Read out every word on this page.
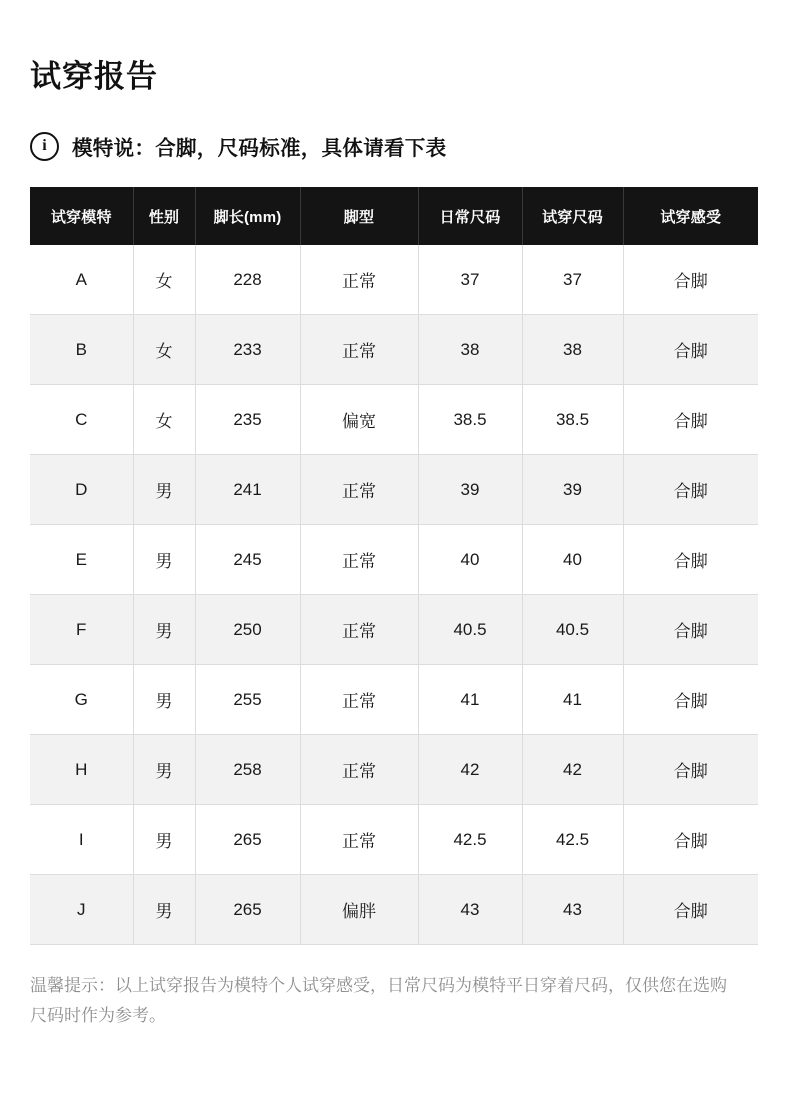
试穿报告
i	模特说：合脚，尺码标准，具体请看下表
试穿模特	性别	脚长(mm)	脚型	日常尺码	试穿尺码	试穿感受
A	女	228	正常	37	37	合脚
B	女	233	正常	38	38	合脚
C	女	235	偏宽	38.5	38.5	合脚
D	男	241	正常	39	39	合脚
E	男	245	正常	40	40	合脚
F	男	250	正常	40.5	40.5	合脚
G	男	255	正常	41	41	合脚
H	男	258	正常	42	42	合脚
I	男	265	正常	42.5	42.5	合脚
J	男	265	偏胖	43	43	合脚

温馨提示：以上试穿报告为模特个人试穿感受，日常尺码为模特平日穿着尺码，仅供您在选购尺码时作为参考。
